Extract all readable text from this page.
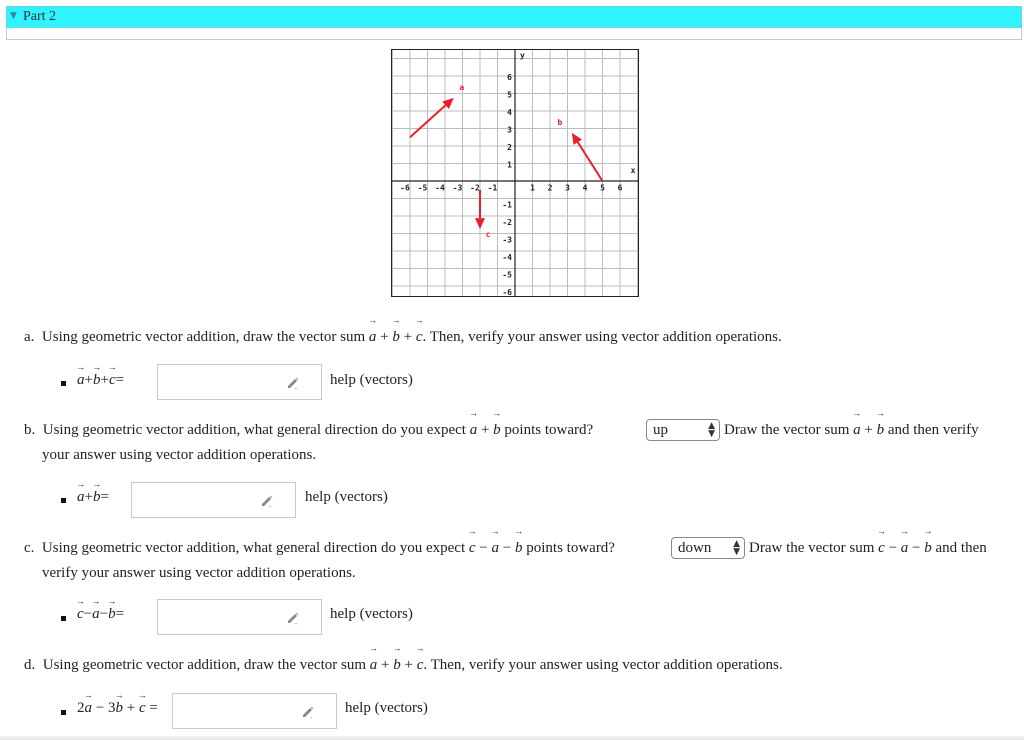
▼ Part 2
-6 -5 -4 -3 -2 -1	1 2 3 4 5 6
6
5
4
3
2
1
-1
-2
-3
-4
-5
-6
x
y
a
b
c
a. Using geometric vector addition, draw the vector sum → a + → b + → c. Then, verify your answer using vector addition operations.
→ a+→ b+→ c=	help (vectors)
b. Using geometric vector addition, what general direction do you expect → a + → b points toward?	up	▲
▼ Draw the vector sum → a + → b and then verify
your answer using vector addition operations.
→ a+→ b=	help (vectors)
c. Using geometric vector addition, what general direction do you expect → c − → a − → b points toward?	down ▲
▼ Draw the vector sum → c − → a − → b and then
verify your answer using vector addition operations.
→ c−→ a−→ b=	help (vectors)
d. Using geometric vector addition, draw the vector sum → a + → b + → c. Then, verify your answer using vector addition operations.
2→ a − 3→ b + → c =	help (vectors)
